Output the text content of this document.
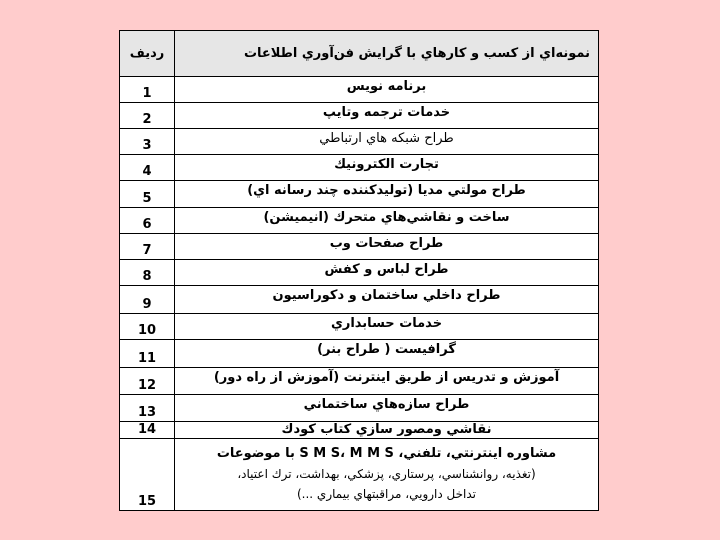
نمونه‌اي از كسب و كارهاي با گرايش فن‌آوري اطلاعات	رديف
برنامه نويس	1
خدمات ترجمه وتايپ	2
طراح شبكه هاي ارتباطي	3
تجارت الكترونيك	4
طراح مولتي مديا (توليدكننده چند رسانه اي)	5
ساخت و نقاشي‌هاي متحرك (انيميشن)	6
طراح صفحات وب	7
طراح لباس و كفش	8
طراح داخلي ساختمان و دكوراسيون	9
خدمات حسابداري	10
گرافيست ( طراح بنر)	11
آموزش و تدريس از طريق اينترنت (آموزش از راه دور)	12
طراح سازه‌هاي ساختماني	13
نقاشي ومصور سازي كتاب كودك	14

مشاوره اينترنتي، تلفني، S M S، M M S با موضوعات
(تغذيه، روانشناسي، پرستاري، پزشكي، بهداشت، ترك اعتياد،
تداخل دارويي، مراقبتهاي بيماري ...)	15
